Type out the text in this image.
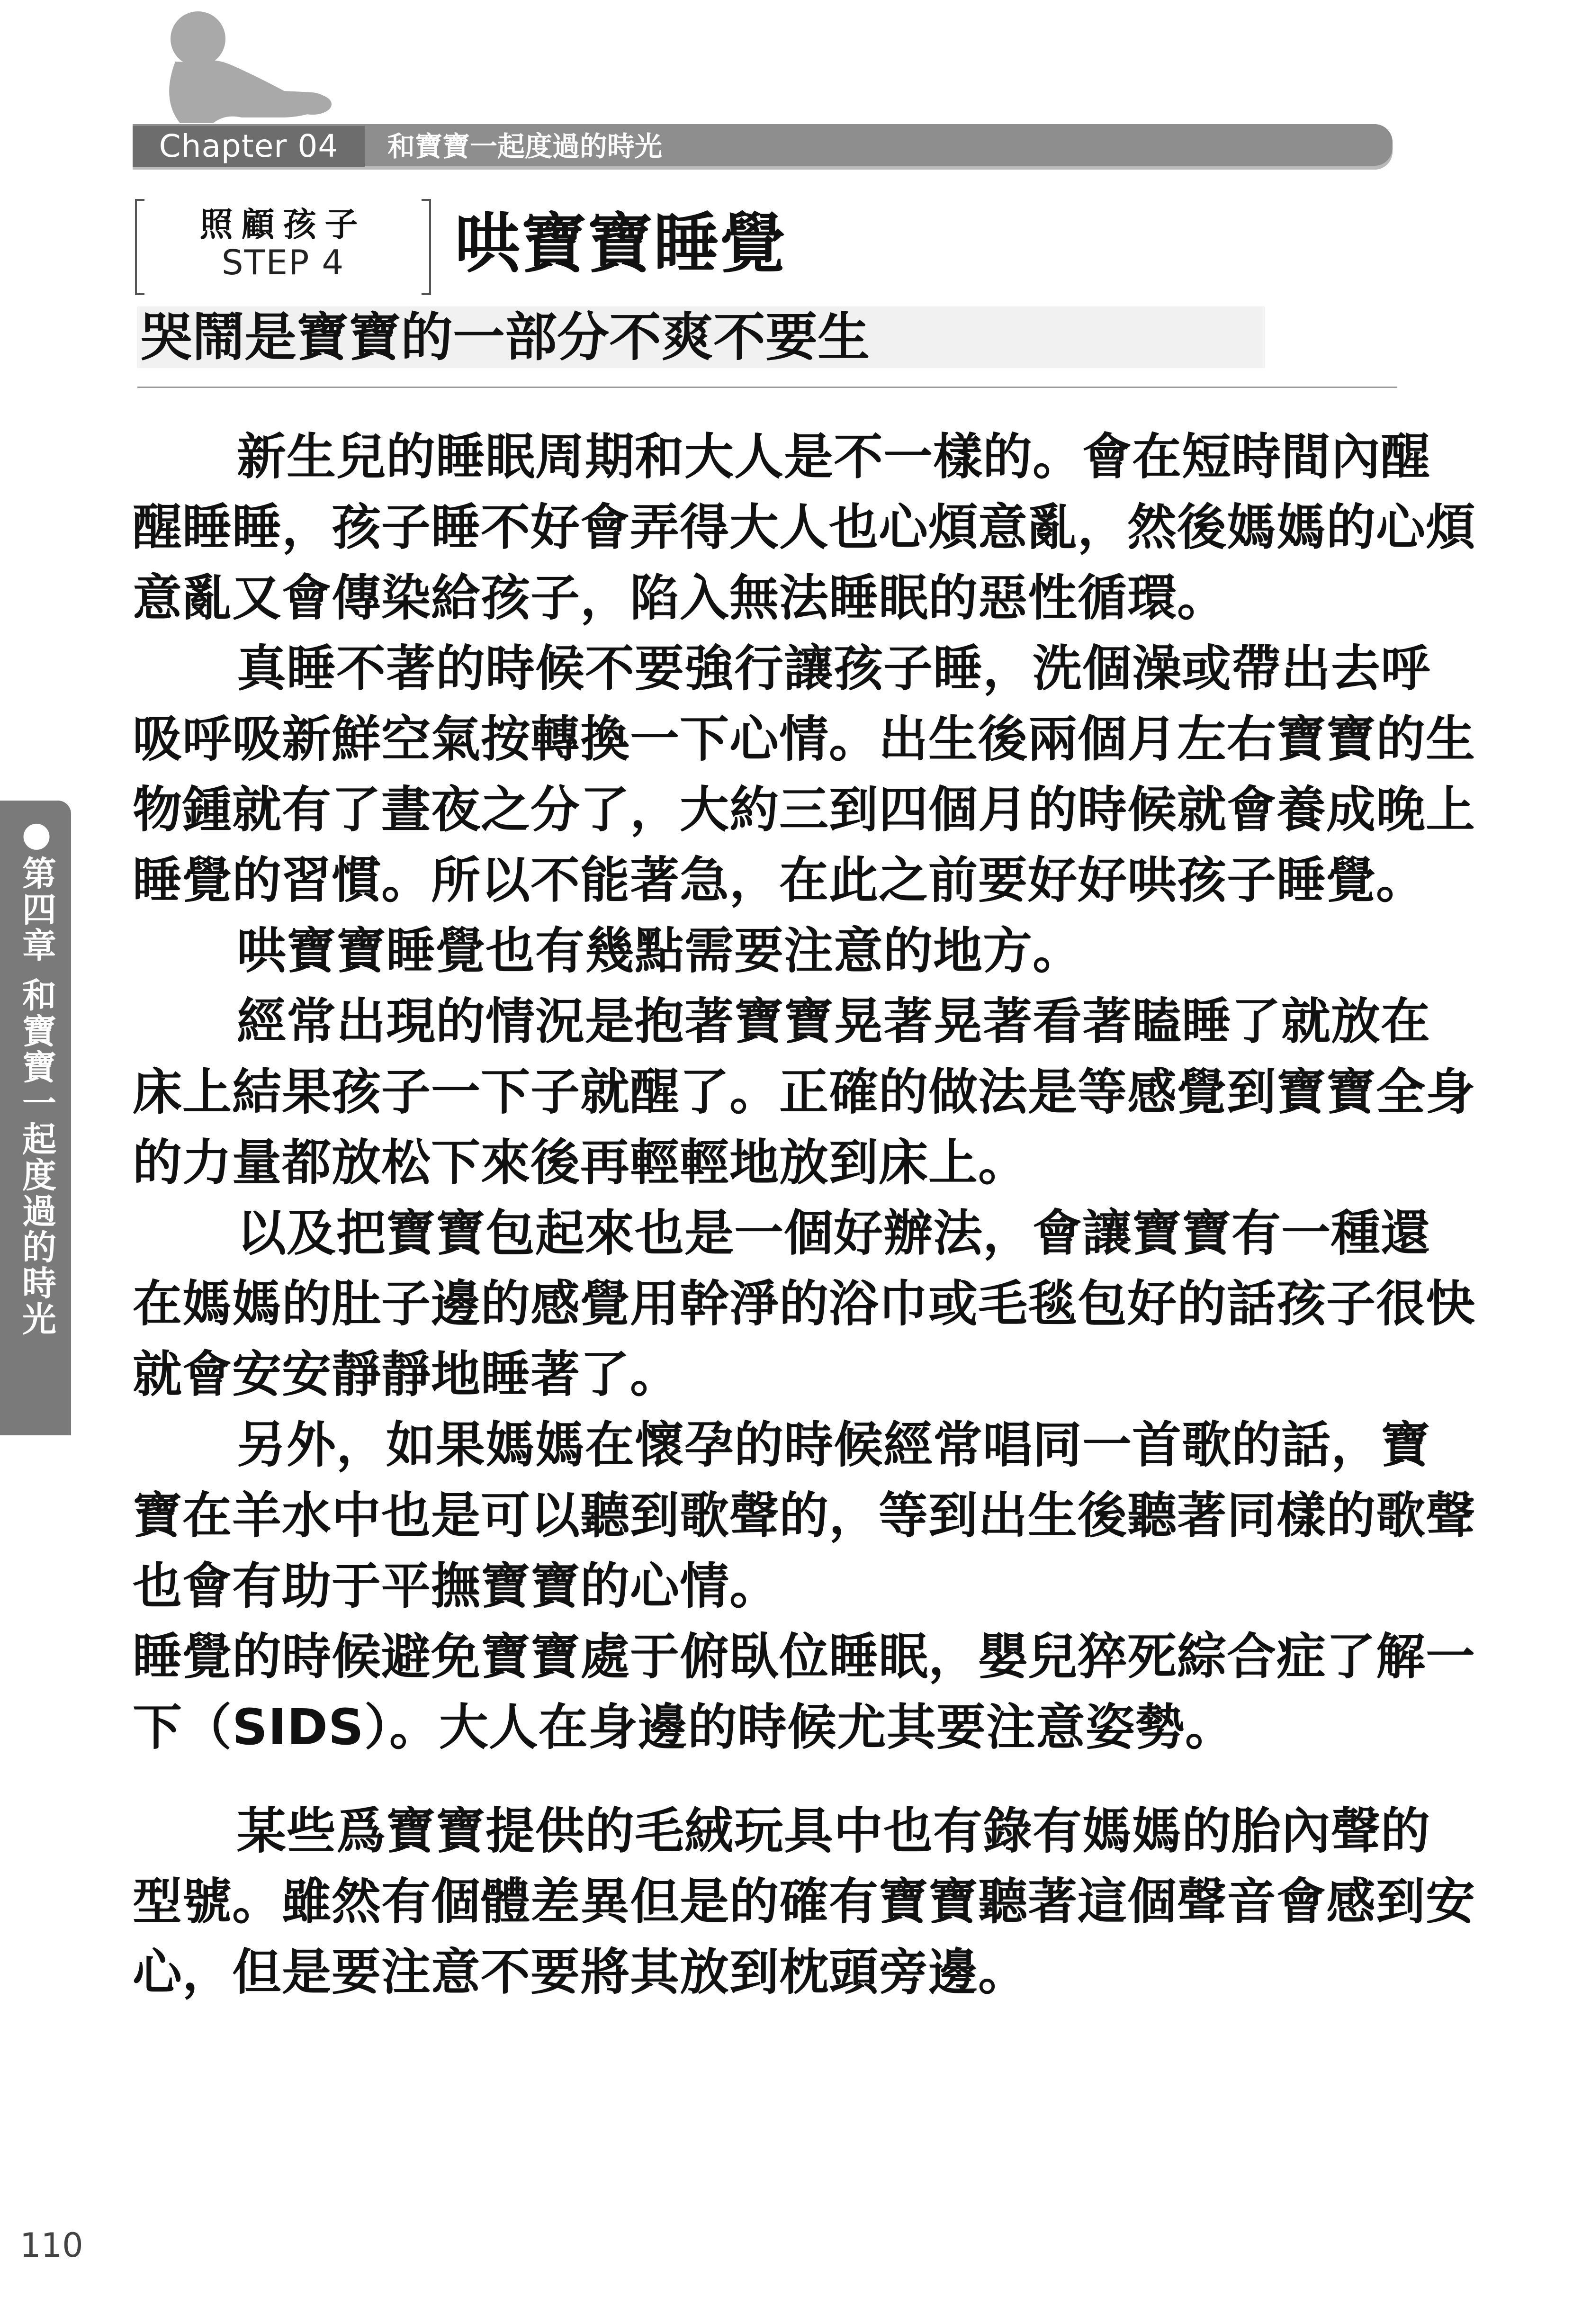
Chapter 04	和寶寶一起度過的時光
照顧孩子
STEP 4	哄寶寶睡覺
哭鬧是寶寶的一部分不爽不要生

新生兒的睡眠周期和大人是不一樣的。會在短時間內醒醒睡睡，孩子睡不好會弄得大人也心煩意亂，然後媽媽的心煩意亂又會傳染給孩子，陷入無法睡眠的惡性循環。

真睡不著的時候不要強行讓孩子睡，洗個澡或帶出去呼吸呼吸新鮮空氣按轉換一下心情。出生後兩個月左右寶寶的生物鍾就有了晝夜之分了，大約三到四個月的時候就會養成晚上睡覺的習慣。所以不能著急，在此之前要好好哄孩子睡覺。

哄寶寶睡覺也有幾點需要注意的地方。

經常出現的情況是抱著寶寶晃著晃著看著瞌睡了就放在床上結果孩子一下子就醒了。正確的做法是等感覺到寶寶全身的力量都放松下來後再輕輕地放到床上。

以及把寶寶包起來也是一個好辦法，會讓寶寶有一種還在媽媽的肚子邊的感覺用幹淨的浴巾或毛毯包好的話孩子很快就會安安靜靜地睡著了。

另外，如果媽媽在懷孕的時候經常唱同一首歌的話，寶寶在羊水中也是可以聽到歌聲的，等到出生後聽著同樣的歌聲也會有助于平撫寶寶的心情。

睡覺的時候避免寶寶處于俯臥位睡眠，嬰兒猝死綜合症了解一下（SIDS）。大人在身邊的時候尤其要注意姿勢。

某些爲寶寶提供的毛絨玩具中也有錄有媽媽的胎內聲的型號。雖然有個體差異但是的確有寶寶聽著這個聲音會感到安心，但是要注意不要將其放到枕頭旁邊。

●第四章 和寶寶一起度過的時光
110
